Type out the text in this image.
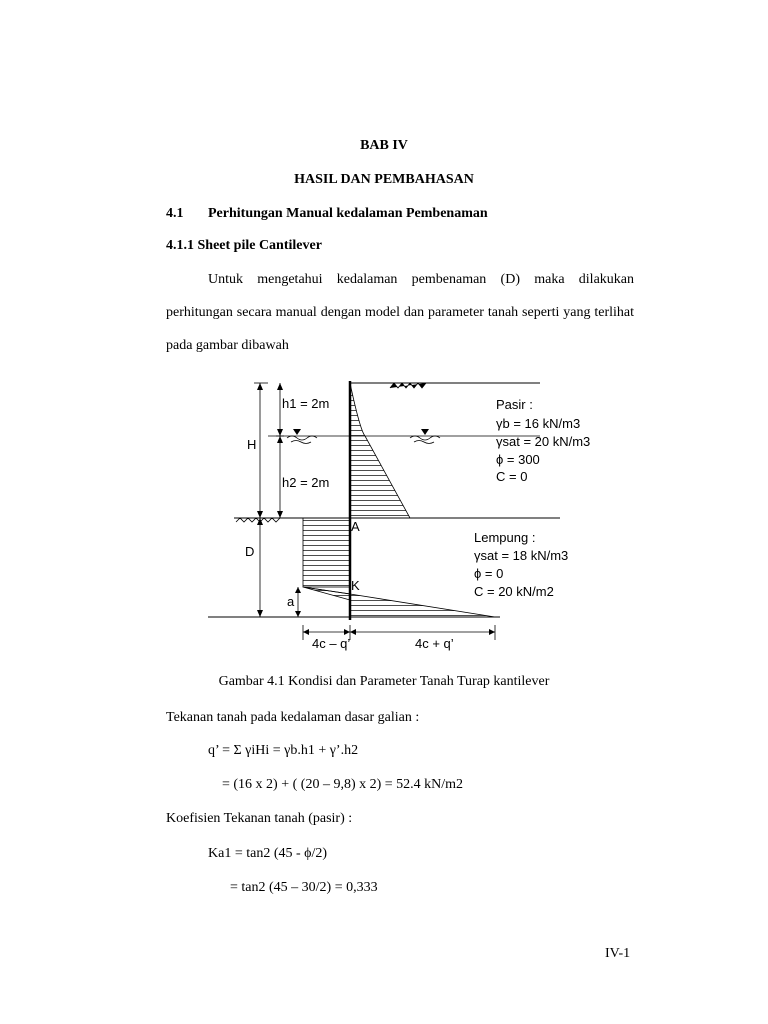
BAB IV
HASIL DAN PEMBAHASAN
4.1 Perhitungan Manual kedalaman Pembenaman
4.1.1 Sheet pile Cantilever
Untuk mengetahui kedalaman pembenaman (D) maka dilakukan perhitungan secara manual dengan model dan parameter tanah seperti yang terlihat pada gambar dibawah
h1 = 2m
H
h2 = 2m
D
a
A
K
4c – q’	4c + q’
Pasir :
γb = 16 kN/m3
γsat = 20 kN/m3
ϕ = 300
C = 0
Lempung :
γsat = 18 kN/m3
ϕ = 0
C = 20 kN/m2
Gambar 4.1 Kondisi dan Parameter Tanah Turap kantilever
Tekanan tanah pada kedalaman dasar galian :
q’ = Σ γiHi = γb.h1 + γ’.h2
= (16 x 2) + ( (20 – 9,8) x 2) = 52.4 kN/m2
Koefisien Tekanan tanah (pasir) :
Ka1 = tan2 (45 - ϕ/2)
= tan2 (45 – 30/2) = 0,333
IV-1
